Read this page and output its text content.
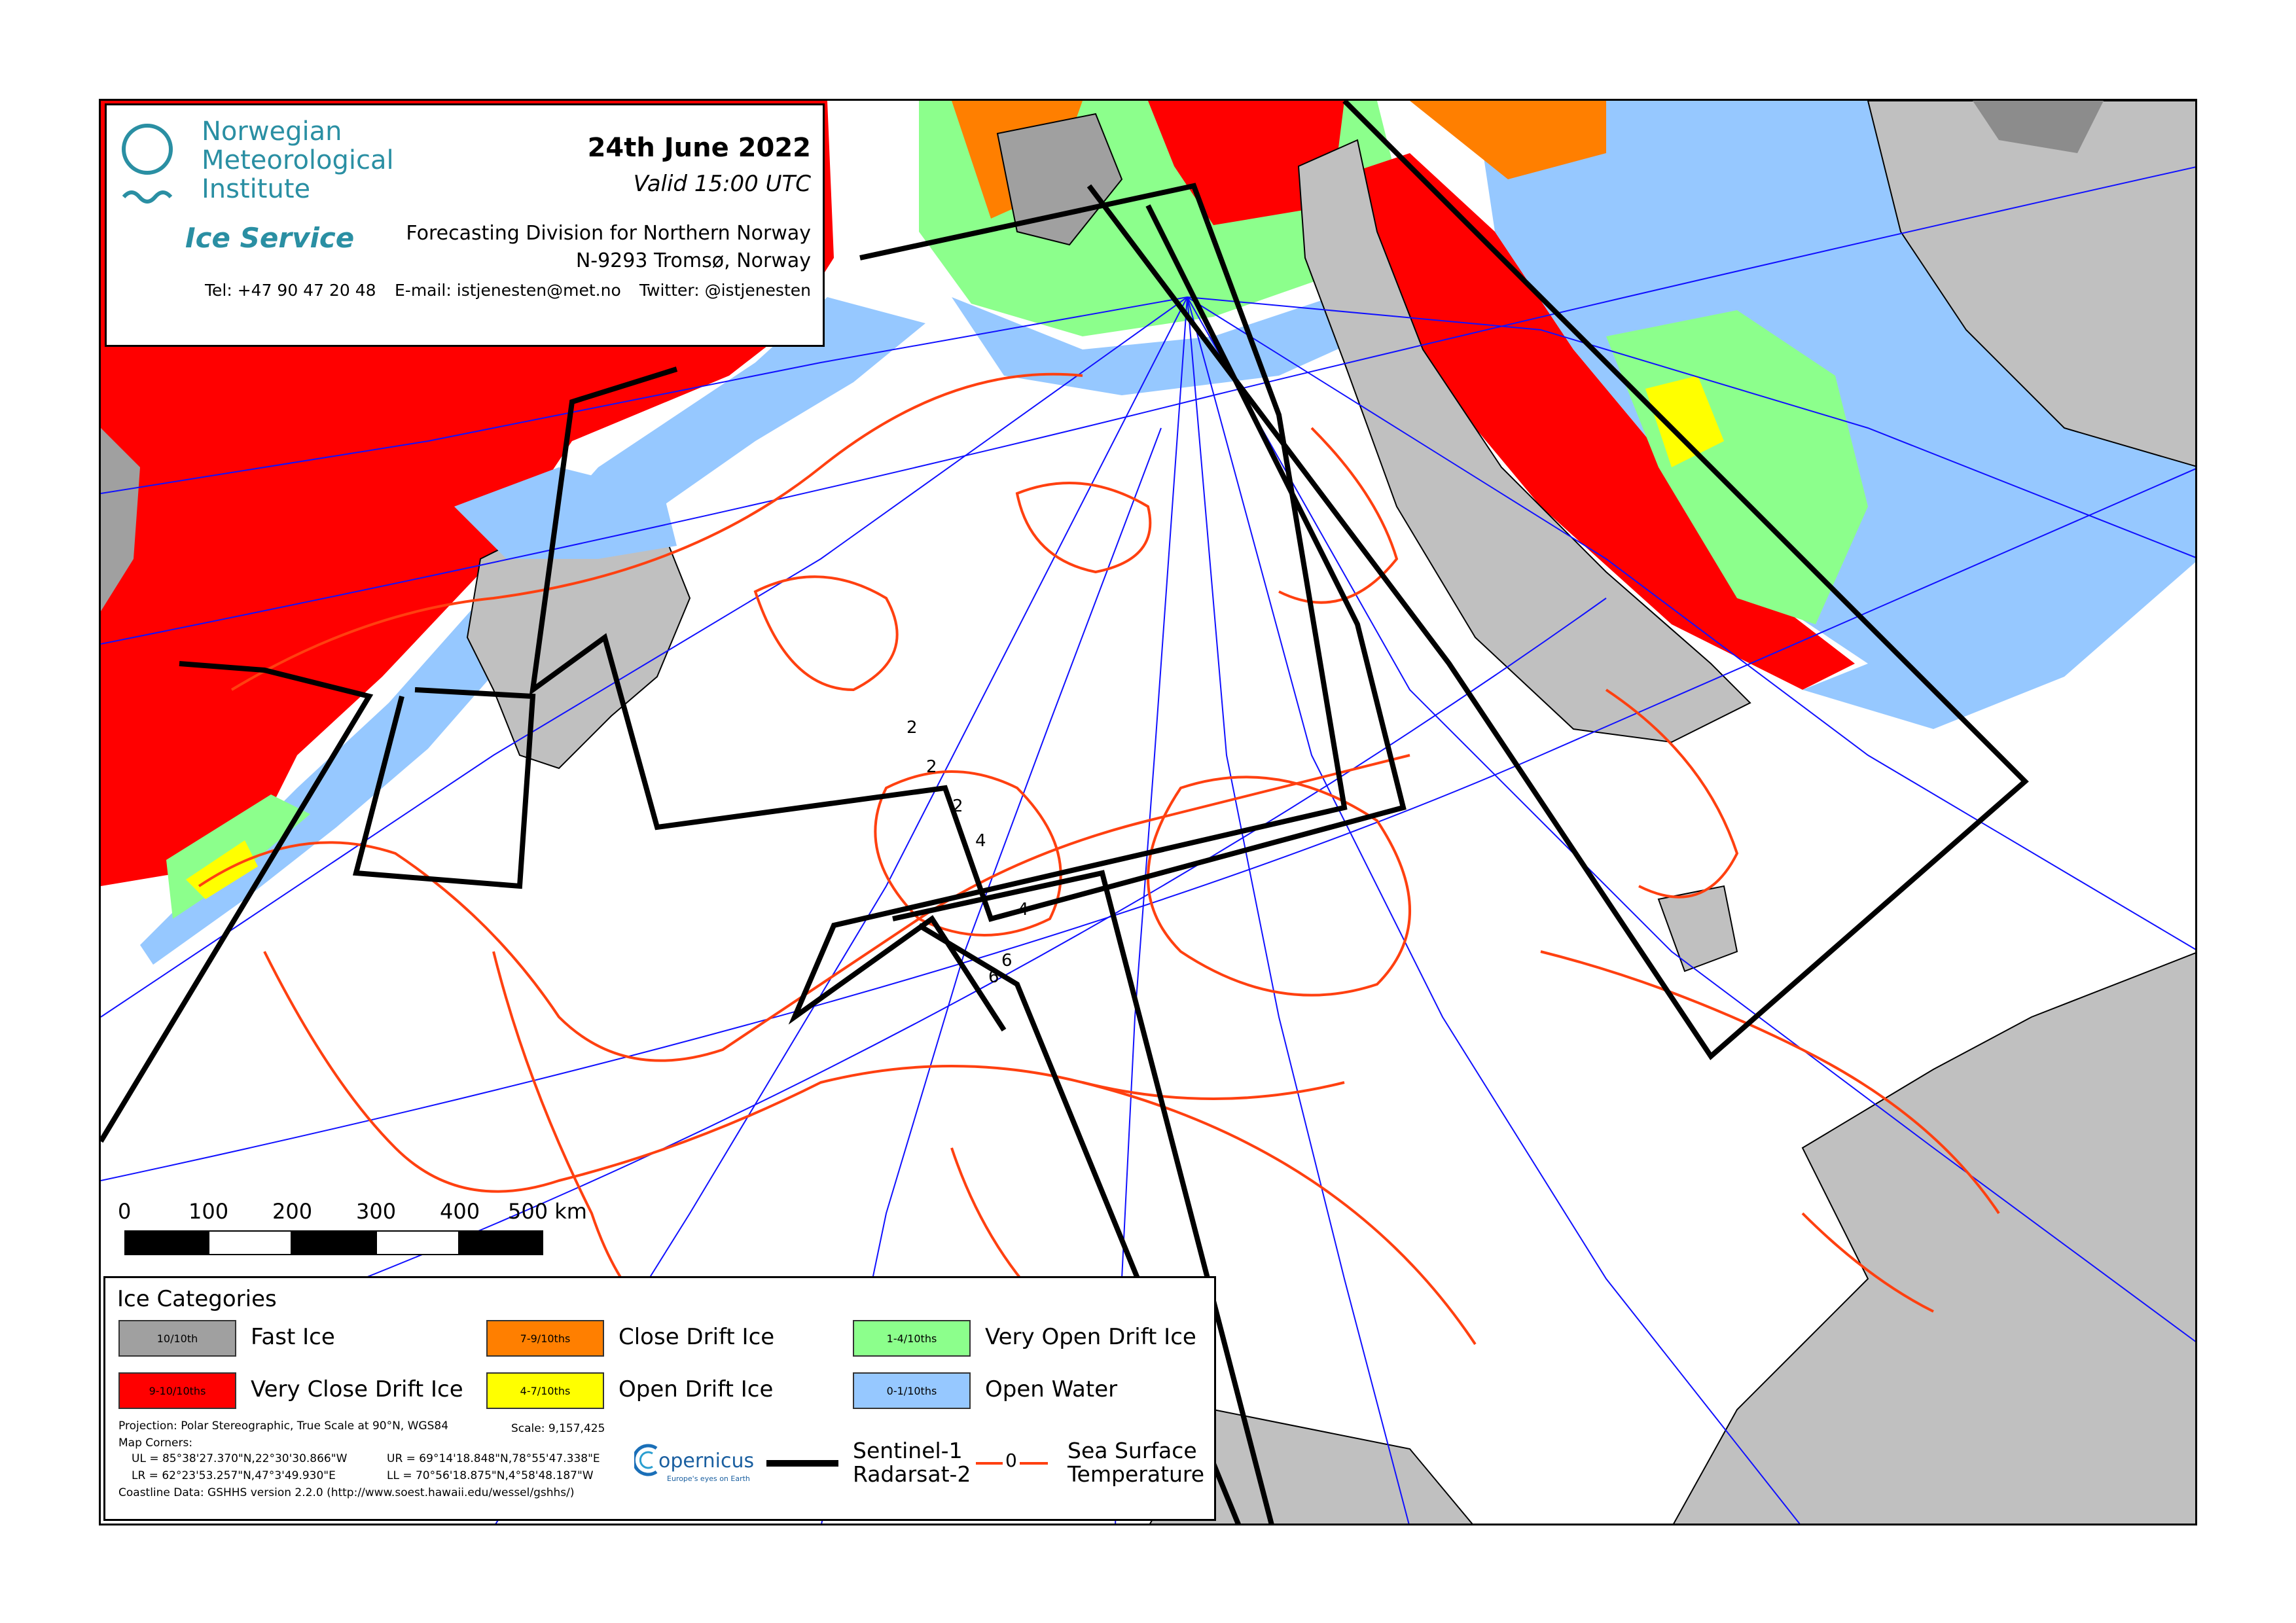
2
2
2
4
4
6
6
Norwegian
Meteorological
Institute
Ice Service
24th June 2022
Valid 15:00 UTC
Forecasting Division for Northern Norway
N-9293 Tromsø, Norway
Tel: +47 90 47 20 48 E-mail: istjenesten@met.no Twitter: @istjenesten
0	100 200 300 400 500 km
Ice Categories
10/10th	Fast Ice	7-9/10ths	Close Drift Ice	1-4/10ths	Very Open Drift Ice
9-10/10ths	Very Close Drift Ice	4-7/10ths	Open Drift Ice	0-1/10ths	Open Water
Projection: Polar Stereographic, True Scale at 90°N, WGS84	Scale: 9,157,425
Map Corners:
UL = 85°38'27.370"N,22°30'30.866"W	UR = 69°14'18.848"N,78°55'47.338"E
LR = 62°23'53.257"N,47°3'49.930"E	LL = 70°56'18.875"N,4°58'48.187"W
Coastline Data: GSHHS version 2.2.0 (http://www.soest.hawaii.edu/wessel/gshhs/)
opernicus
Europe's eyes on Earth
Sentinel-1
Radarsat-2
0 Sea Surface
Temperature
